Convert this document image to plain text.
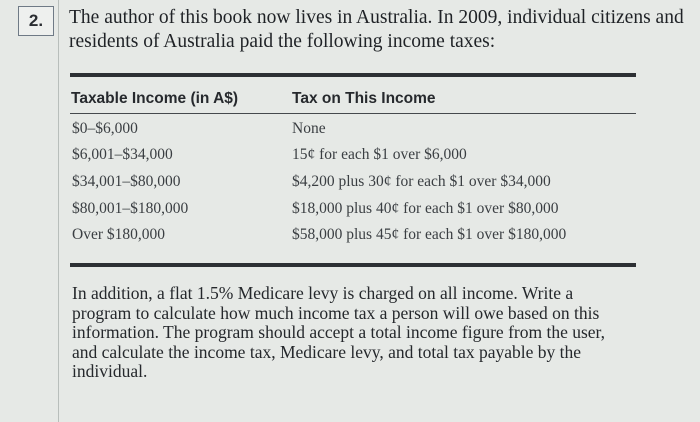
2.	The author of this book now lives in Australia. In 2009, individual citizens and residents of Australia paid the following income taxes:
Taxable Income (in A$)	Tax on This Income
$0–$6,000	None
$6,001–$34,000	15¢ for each $1 over $6,000
$34,001–$80,000	$4,200 plus 30¢ for each $1 over $34,000
$80,001–$180,000	$18,000 plus 40¢ for each $1 over $80,000
Over $180,000	$58,000 plus 45¢ for each $1 over $180,000
In addition, a flat 1.5% Medicare levy is charged on all income. Write a program to calculate how much income tax a person will owe based on this information. The program should accept a total income figure from the user, and calculate the income tax, Medicare levy, and total tax payable by the individual.
